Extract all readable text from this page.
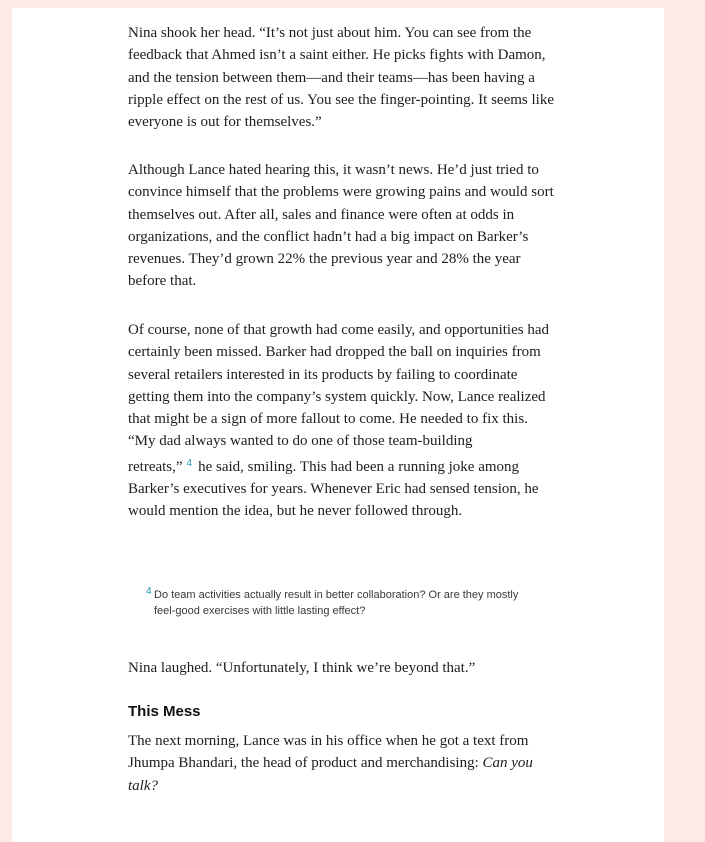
Nina shook her head. “It’s not just about him. You can see from the feedback that Ahmed isn’t a saint either. He picks fights with Damon, and the tension between them—and their teams—has been having a ripple effect on the rest of us. You see the finger-pointing. It seems like everyone is out for themselves.”

Although Lance hated hearing this, it wasn’t news. He’d just tried to convince himself that the problems were growing pains and would sort themselves out. After all, sales and finance were often at odds in organizations, and the conflict hadn’t had a big impact on Barker’s revenues. They’d grown 22% the previous year and 28% the year before that.

Of course, none of that growth had come easily, and opportunities had certainly been missed. Barker had dropped the ball on inquiries from several retailers interested in its products by failing to coordinate getting them into the company’s system quickly. Now, Lance realized that might be a sign of more fallout to come. He needed to fix this. “My dad always wanted to do one of those team-building retreats,” $^4$ he said, smiling. This had been a running joke among Barker’s executives for years. Whenever Eric had sensed tension, he would mention the idea, but he never followed through.

4 Do team activities actually result in better collaboration? Or are they mostly feel-good exercises with little lasting effect?

Nina laughed. “Unfortunately, I think we’re beyond that.”

This Mess

The next morning, Lance was in his office when he got a text from Jhumpa Bhandari, the head of product and merchandising: Can you talk?
